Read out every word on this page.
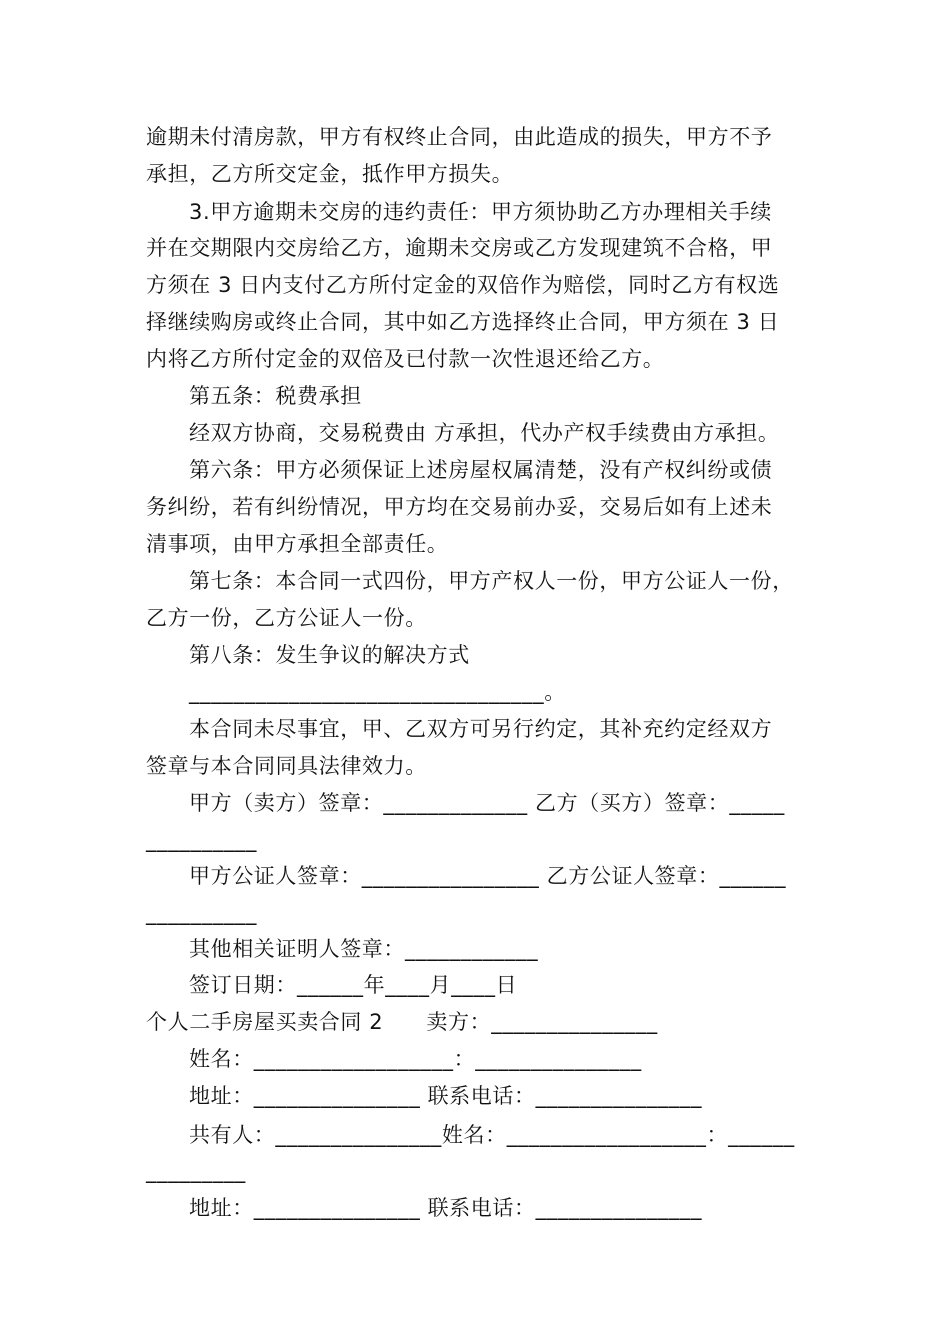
逾期未付清房款，甲方有权终止合同，由此造成的损失，甲方不予
承担，乙方所交定金，抵作甲方损失。
3.甲方逾期未交房的违约责任：甲方须协助乙方办理相关手续
并在交期限内交房给乙方，逾期未交房或乙方发现建筑不合格，甲
方须在 3 日内支付乙方所付定金的双倍作为赔偿，同时乙方有权选
择继续购房或终止合同，其中如乙方选择终止合同，甲方须在 3 日
内将乙方所付定金的双倍及已付款一次性退还给乙方。
第五条：税费承担
经双方协商，交易税费由 方承担，代办产权手续费由方承担。
第六条：甲方必须保证上述房屋权属清楚，没有产权纠纷或债
务纠纷，若有纠纷情况，甲方均在交易前办妥，交易后如有上述未
清事项，由甲方承担全部责任。
第七条：本合同一式四份，甲方产权人一份，甲方公证人一份，
乙方一份，乙方公证人一份。
第八条：发生争议的解决方式
________________________________。
本合同未尽事宜，甲、乙双方可另行约定，其补充约定经双方
签章与本合同同具法律效力。
甲方（卖方）签章：_____________ 乙方（买方）签章：_____
__________
甲方公证人签章：________________ 乙方公证人签章：______
__________
其他相关证明人签章：____________
签订日期：______年____月____日
个人二手房屋买卖合同 2　　卖方：_______________
姓名：__________________：_______________
地址：_______________ 联系电话：_______________
共有人：_______________姓名：__________________：______
_________
地址：_______________ 联系电话：_______________
